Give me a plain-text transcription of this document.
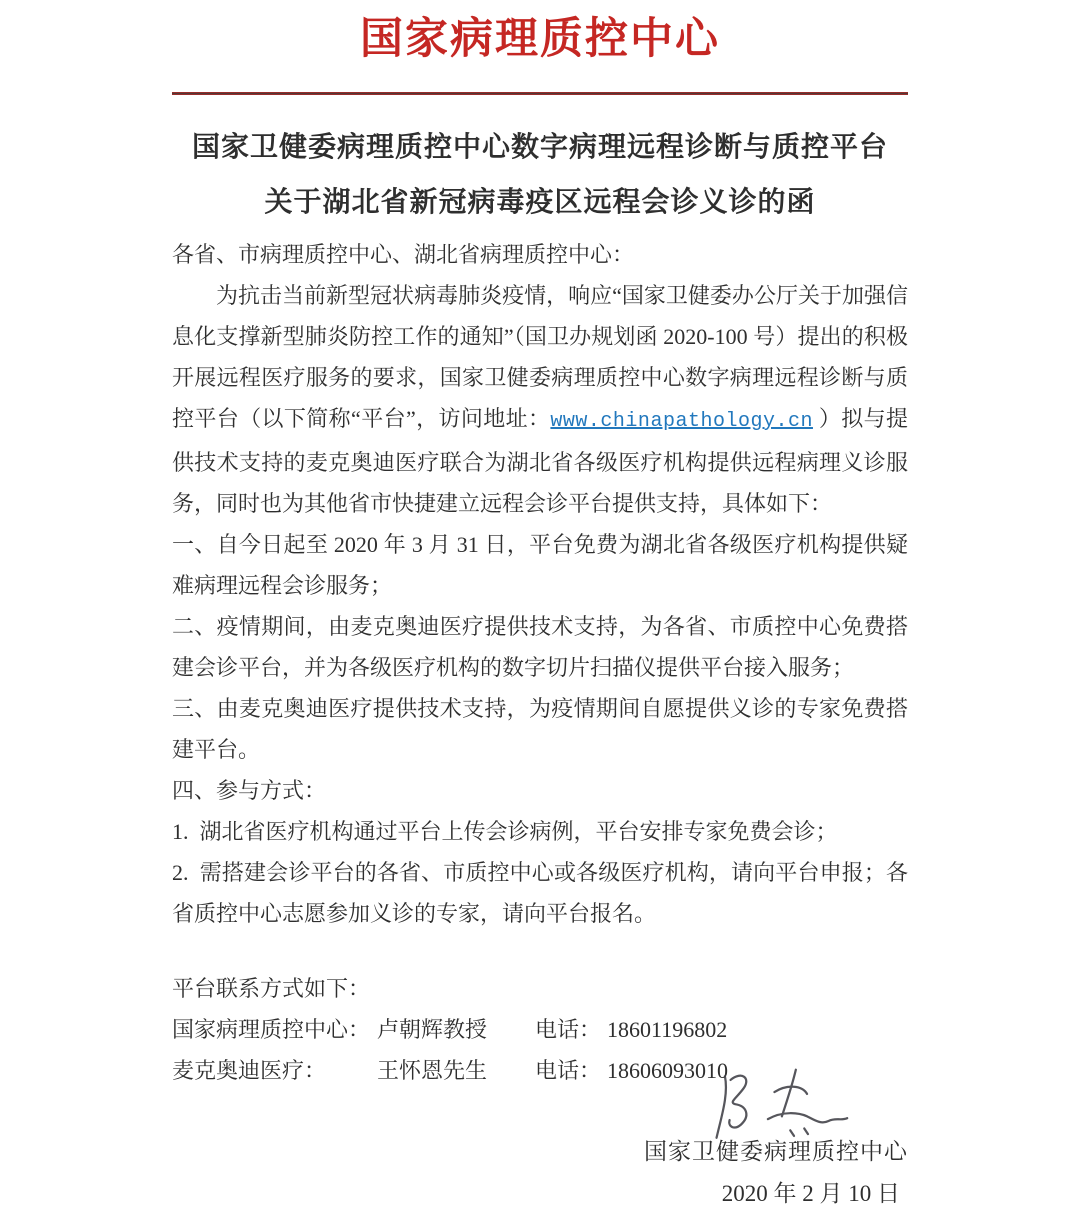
国家病理质控中心
国家卫健委病理质控中心数字病理远程诊断与质控平台
关于湖北省新冠病毒疫区远程会诊义诊的函

各省、市病理质控中心、湖北省病理质控中心：

为抗击当前新型冠状病毒肺炎疫情，响应“国家卫健委办公厅关于加强信息化支撑新型肺炎防控工作的通知”（国卫办规划函 2020-100 号）提出的积极开展远程医疗服务的要求，国家卫健委病理质控中心数字病理远程诊断与质控平台（以下简称“平台”，访问地址：www.chinapathology.cn ）拟与提供技术支持的麦克奥迪医疗联合为湖北省各级医疗机构提供远程病理义诊服务，同时也为其他省市快捷建立远程会诊平台提供支持，具体如下：

一、自今日起至 2020 年 3 月 31 日，平台免费为湖北省各级医疗机构提供疑难病理远程会诊服务；

二、疫情期间，由麦克奥迪医疗提供技术支持，为各省、市质控中心免费搭建会诊平台，并为各级医疗机构的数字切片扫描仪提供平台接入服务；

三、由麦克奥迪医疗提供技术支持，为疫情期间自愿提供义诊的专家免费搭建平台。

四、参与方式：

1.  湖北省医疗机构通过平台上传会诊病例，平台安排专家免费会诊；

2.  需搭建会诊平台的各省、市质控中心或各级医疗机构，请向平台申报；各省质控中心志愿参加义诊的专家，请向平台报名。

平台联系方式如下：

国家病理质控中心： 卢朝辉教授	电话： 18601196802
麦克奥迪医疗：	王怀恩先生	电话： 18606093010
国家卫健委病理质控中心
2020 年 2 月 10 日
